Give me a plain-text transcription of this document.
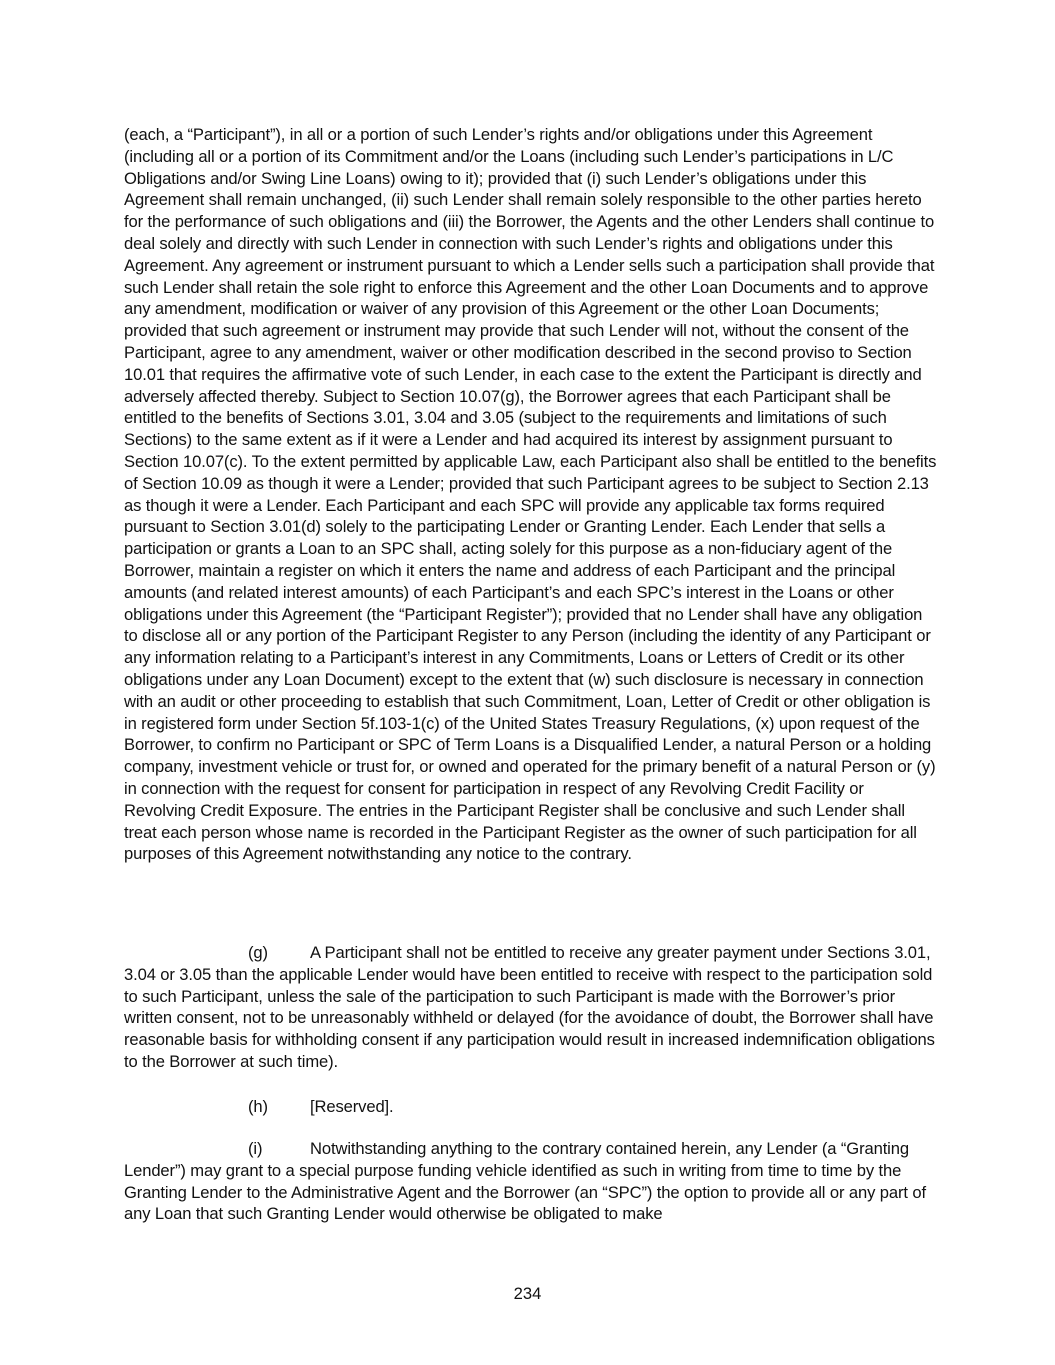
(each, a “Participant”), in all or a portion of such Lender’s rights and/or obligations under this Agreement (including all or a portion of its Commitment and/or the Loans (including such Lender’s participations in L/C Obligations and/or Swing Line Loans) owing to it); provided that (i) such Lender’s obligations under this Agreement shall remain unchanged, (ii) such Lender shall remain solely responsible to the other parties hereto for the performance of such obligations and (iii) the Borrower, the Agents and the other Lenders shall continue to deal solely and directly with such Lender in connection with such Lender’s rights and obligations under this Agreement. Any agreement or instrument pursuant to which a Lender sells such a participation shall provide that such Lender shall retain the sole right to enforce this Agreement and the other Loan Documents and to approve any amendment, modification or waiver of any provision of this Agreement or the other Loan Documents; provided that such agreement or instrument may provide that such Lender will not, without the consent of the Participant, agree to any amendment, waiver or other modification described in the second proviso to Section 10.01 that requires the affirmative vote of such Lender, in each case to the extent the Participant is directly and adversely affected thereby. Subject to Section 10.07(g), the Borrower agrees that each Participant shall be entitled to the benefits of Sections 3.01, 3.04 and 3.05 (subject to the requirements and limitations of such Sections) to the same extent as if it were a Lender and had acquired its interest by assignment pursuant to Section 10.07(c). To the extent permitted by applicable Law, each Participant also shall be entitled to the benefits of Section 10.09 as though it were a Lender; provided that such Participant agrees to be subject to Section 2.13 as though it were a Lender. Each Participant and each SPC will provide any applicable tax forms required pursuant to Section 3.01(d) solely to the participating Lender or Granting Lender. Each Lender that sells a participation or grants a Loan to an SPC shall, acting solely for this purpose as a non-fiduciary agent of the Borrower, maintain a register on which it enters the name and address of each Participant and the principal amounts (and related interest amounts) of each Participant’s and each SPC’s interest in the Loans or other obligations under this Agreement (the “Participant Register”); provided that no Lender shall have any obligation to disclose all or any portion of the Participant Register to any Person (including the identity of any Participant or any information relating to a Participant’s interest in any Commitments, Loans or Letters of Credit or its other obligations under any Loan Document) except to the extent that (w) such disclosure is necessary in connection with an audit or other proceeding to establish that such Commitment, Loan, Letter of Credit or other obligation is in registered form under Section 5f.103-1(c) of the United States Treasury Regulations, (x) upon request of the Borrower, to confirm no Participant or SPC of Term Loans is a Disqualified Lender, a natural Person or a holding company, investment vehicle or trust for, or owned and operated for the primary benefit of a natural Person or (y) in connection with the request for consent for participation in respect of any Revolving Credit Facility or Revolving Credit Exposure. The entries in the Participant Register shall be conclusive and such Lender shall treat each person whose name is recorded in the Participant Register as the owner of such participation for all purposes of this Agreement notwithstanding any notice to the contrary.

(g)	A Participant shall not be entitled to receive any greater payment under Sections 3.01, 3.04 or 3.05 than the applicable Lender would have been entitled to receive with respect to the participation sold to such Participant, unless the sale of the participation to such Participant is made with the Borrower’s prior written consent, not to be unreasonably withheld or delayed (for the avoidance of doubt, the Borrower shall have reasonable basis for withholding consent if any participation would result in increased indemnification obligations to the Borrower at such time).

(h)	[Reserved].

(i)	Notwithstanding anything to the contrary contained herein, any Lender (a “Granting Lender”) may grant to a special purpose funding vehicle identified as such in writing from time to time by the Granting Lender to the Administrative Agent and the Borrower (an “SPC”) the option to provide all or any part of any Loan that such Granting Lender would otherwise be obligated to make

234
